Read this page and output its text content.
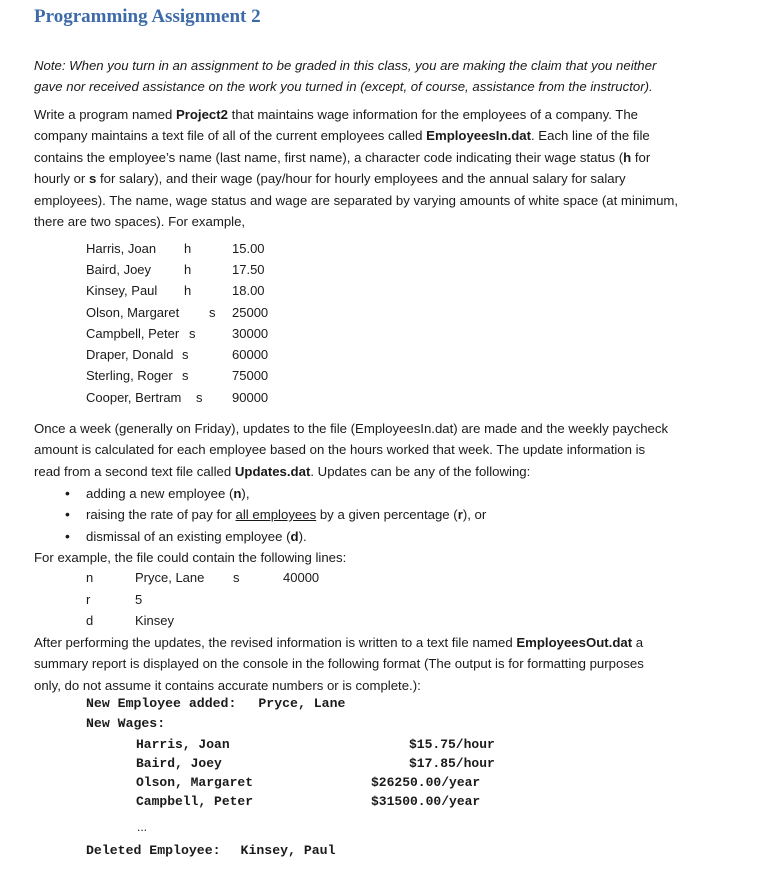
Programming Assignment 2
Note: When you turn in an assignment to be graded in this class, you are making the claim that you neither
gave nor received assistance on the work you turned in (except, of course, assistance from the instructor).
Write a program named Project2 that maintains wage information for the employees of a company. The
company maintains a text file of all of the current employees called EmployeesIn.dat. Each line of the file
contains the employee’s name (last name, first name), a character code indicating their wage status (h for
hourly or s for salary), and their wage (pay/hour for hourly employees and the annual salary for salary
employees). The name, wage status and wage are separated by varying amounts of white space (at minimum,
there are two spaces). For example,
Harris, Joan h	15.00
Baird, Joey	h	17.50
Kinsey, Paul h	18.00
Olson, Margaret s 25000
Campbell, Peter s	30000
Draper, Donald s	60000
Sterling, Roger s	75000
Cooper, Bertram s 90000
Once a week (generally on Friday), updates to the file (EmployeesIn.dat) are made and the weekly paycheck
amount is calculated for each employee based on the hours worked that week. The update information is
read from a second text file called Updates.dat. Updates can be any of the following:
• adding a new employee (n),
• raising the rate of pay for all employees by a given percentage (r), or
• dismissal of an existing employee (d).
For example, the file could contain the following lines:
n	Pryce, Lane s	40000
r	5
d	Kinsey
After performing the updates, the revised information is written to a text file named EmployeesOut.dat a
summary report is displayed on the console in the following format (The output is for formatting purposes
only, do not assume it contains accurate numbers or is complete.):
New Employee added: Pryce, Lane
New Wages:
Harris, Joan	$15.75/hour
Baird, Joey	$17.85/hour
Olson, Margaret	$26250.00/year
Campbell, Peter	$31500.00/year
...
Deleted Employee: Kinsey, Paul
